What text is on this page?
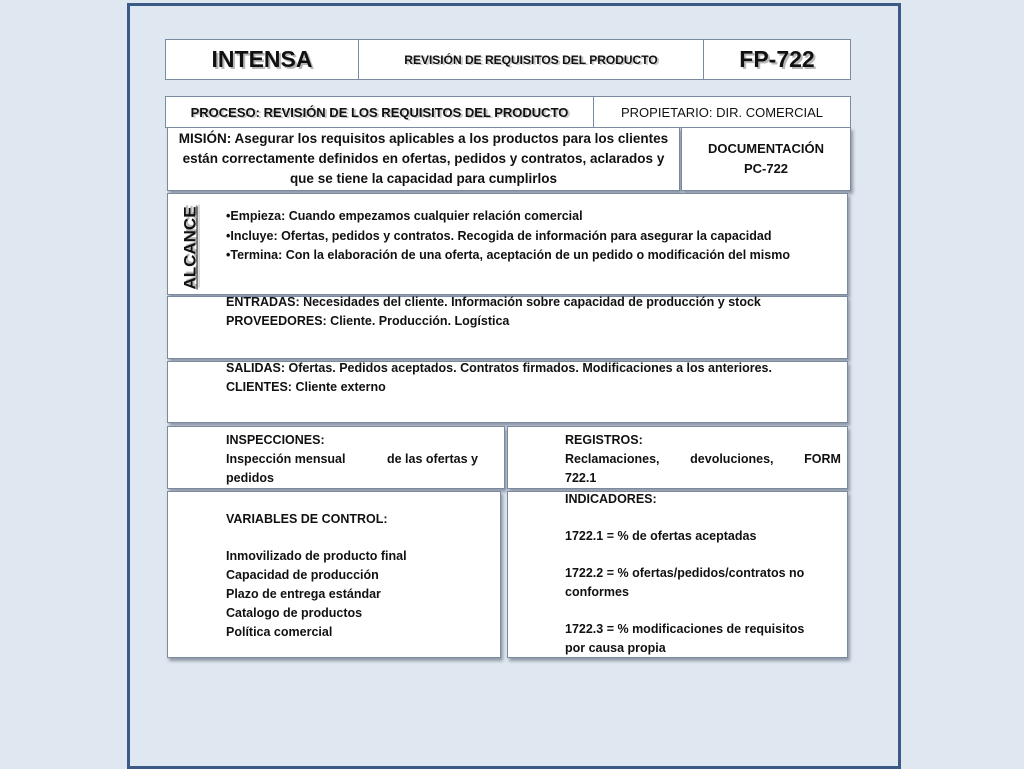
INTENSA	REVISIÓN DE REQUISITOS DEL PRODUCTO	FP-722
PROCESO: REVISIÓN DE LOS REQUISITOS DEL PRODUCTO	PROPIETARIO: DIR. COMERCIAL
MISIÓN: Asegurar los requisitos aplicables a los productos para los clientes están correctamente definidos en ofertas, pedidos y contratos, aclarados y que se tiene la capacidad para cumplirlos
DOCUMENTACIÓN
PC-722
ALCANCE •Empieza: Cuando empezamos cualquier relación comercial

•Incluye: Ofertas, pedidos y contratos. Recogida de información para asegurar la capacidad

•Termina: Con la elaboración de una oferta, aceptación de un pedido o modificación del mismo

ENTRADAS: Necesidades del cliente. Información sobre capacidad de producción y stock

PROVEEDORES: Cliente. Producción. Logística

SALIDAS: Ofertas. Pedidos aceptados. Contratos firmados. Modificaciones a los anteriores.

CLIENTES: Cliente externo

INSPECCIONES:

Inspección mensual	de las ofertas y

pedidos

REGISTROS:

Reclamaciones, devoluciones, FORM

722.1

VARIABLES DE CONTROL:

Inmovilizado de producto final

Capacidad de producción

Plazo de entrega estándar

Catalogo de productos

Política comercial

INDICADORES:

1722.1 = % de ofertas aceptadas

1722.2 = % ofertas/pedidos/contratos no

conformes

1722.3 = % modificaciones de requisitos

por causa propia
